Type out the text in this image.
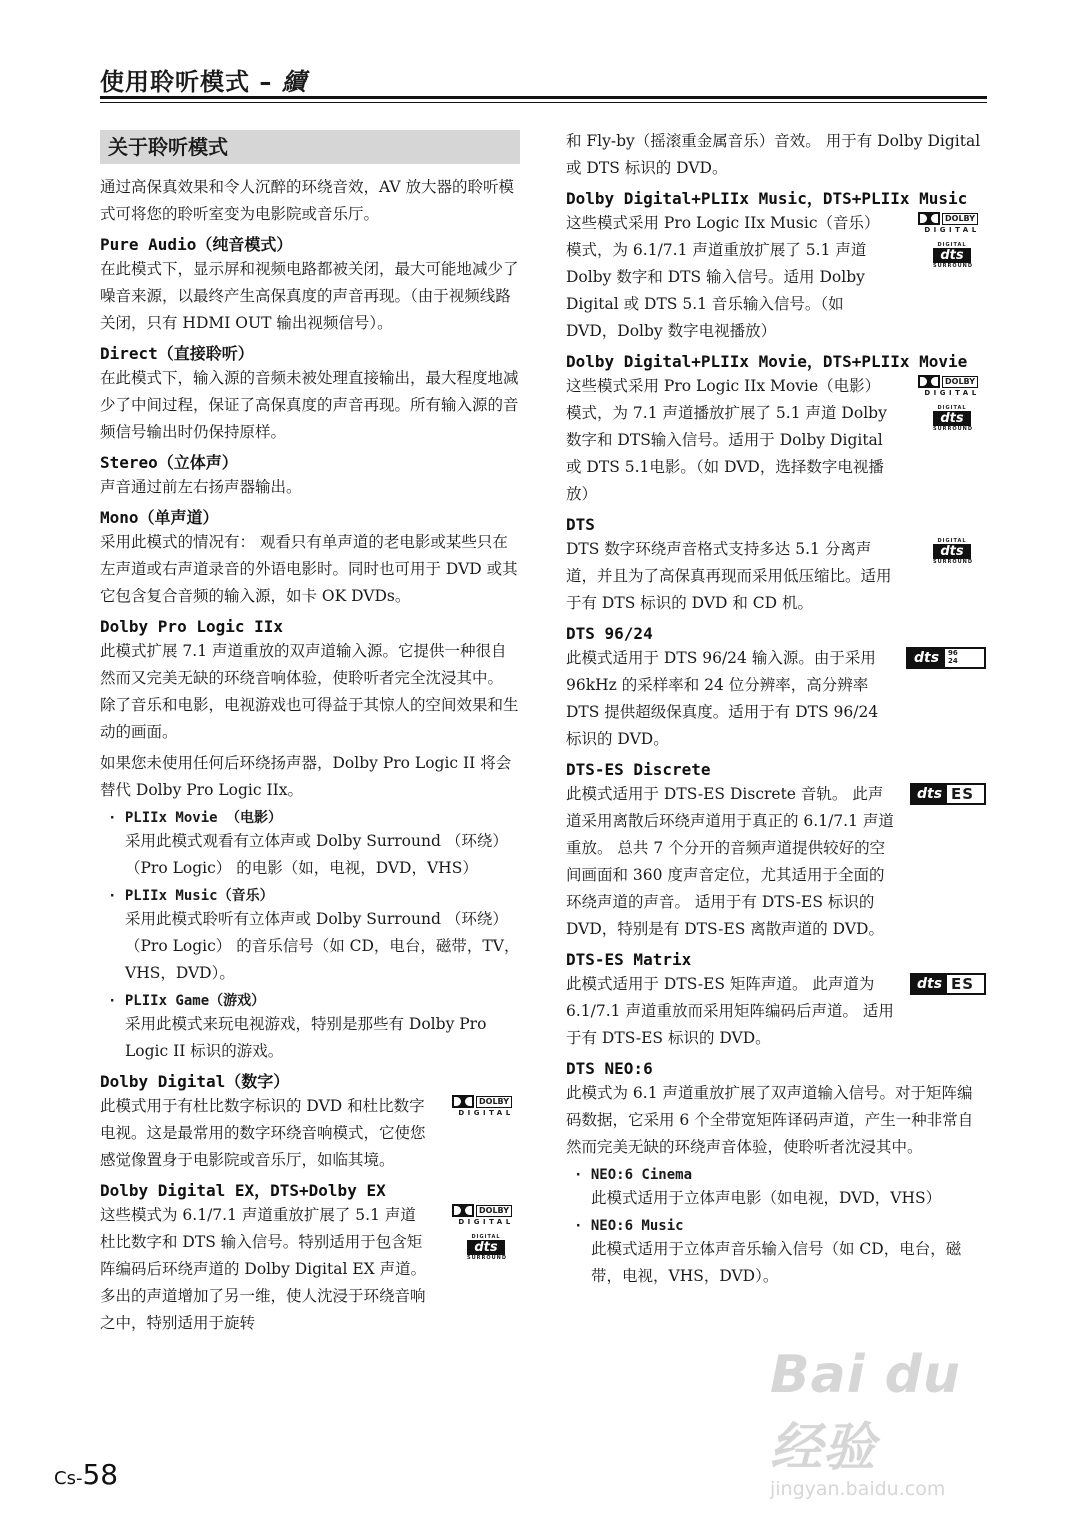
使用聆听模式 – 續
关于聆听模式

通过高保真效果和令人沉醉的环绕音效，AV 放大器的聆听模式可将您的聆听室变为电影院或音乐厅。

Pure Audio（纯音模式）

在此模式下，显示屏和视频电路都被关闭，最大可能地减少了噪音来源，以最终产生高保真度的声音再现。（由于视频线路关闭，只有 HDMI OUT 输出视频信号）。

Direct（直接聆听）

在此模式下，输入源的音频未被处理直接输出，最大程度地减少了中间过程，保证了高保真度的声音再现。所有输入源的音频信号输出时仍保持原样。

Stereo（立体声）

声音通过前左右扬声器输出。

Mono（单声道）

采用此模式的情况有： 观看只有单声道的老电影或某些只在左声道或右声道录音的外语电影时。同时也可用于 DVD 或其它包含复合音频的输入源，如卡 OK DVDs。

Dolby Pro Logic IIx

此模式扩展 7.1 声道重放的双声道输入源。它提供一种很自然而又完美无缺的环绕音响体验，使聆听者完全沈浸其中。 除了音乐和电影，电视游戏也可得益于其惊人的空间效果和生动的画面。

如果您未使用任何后环绕扬声器，Dolby Pro Logic II 将会替代 Dolby Pro Logic IIx。

· PLIIx Movie （电影）

采用此模式观看有立体声或 Dolby Surround （环绕） （Pro Logic） 的电影（如，电视，DVD，VHS）

· PLIIx Music（音乐）

采用此模式聆听有立体声或 Dolby Surround （环绕） （Pro Logic） 的音乐信号（如 CD，电台，磁带，TV，VHS，DVD）。

· PLIIx Game（游戏）

采用此模式来玩电视游戏，特别是那些有 Dolby Pro Logic II 标识的游戏。

Dolby Digital（数字）

此模式用于有杜比数字标识的 DVD 和杜比数字电视。这是最常用的数字环绕音响模式，它使您感觉像置身于电影院或音乐厅，如临其境。

DOLBY
DIGITAL
Dolby Digital EX，DTS+Dolby EX

这些模式为 6.1/7.1 声道重放扩展了 5.1 声道杜比数字和 DTS 输入信号。特别适用于包含矩阵编码后环绕声道的 Dolby Digital EX 声道。 多出的声道增加了另一维，使人沈浸于环绕音响之中，特别适用于旋转

DOLBY
DIGITAL
DIGITAL
dts
SURROUND

和 Fly-by（摇滚重金属音乐）音效。 用于有 Dolby Digital 或 DTS 标识的 DVD。

Dolby Digital+PLIIx Music，DTS+PLIIx Music

这些模式采用 Pro Logic IIx Music（音乐）模式，为 6.1/7.1 声道重放扩展了 5.1 声道 Dolby 数字和 DTS 输入信号。适用 Dolby Digital 或 DTS 5.1 音乐输入信号。（如 DVD，Dolby 数字电视播放）

DOLBY
DIGITAL
DIGITAL
dts
SURROUND
Dolby Digital+PLIIx Movie，DTS+PLIIx Movie

这些模式采用 Pro Logic IIx Movie（电影）模式，为 7.1 声道播放扩展了 5.1 声道 Dolby 数字和 DTS输入信号。适用于 Dolby Digital 或 DTS 5.1电影。（如 DVD，选择数字电视播放）

DOLBY
DIGITAL
DIGITAL
dts
SURROUND
DTS

DTS 数字环绕声音格式支持多达 5.1 分离声道，并且为了高保真再现而采用低压缩比。适用于有 DTS 标识的 DVD 和 CD 机。

DIGITAL
dts
SURROUND
DTS 96/24

此模式适用于 DTS 96/24 输入源。由于采用 96kHz 的采样率和 24 位分辨率，高分辨率 DTS 提供超级保真度。适用于有 DTS 96/24 标识的 DVD。

dts	96
24
DTS-ES Discrete

此模式适用于 DTS-ES Discrete 音轨。 此声道采用离散后环绕声道用于真正的 6.1/7.1 声道重放。 总共 7 个分开的音频声道提供较好的空间画面和 360 度声音定位，尤其适用于全面的环绕声道的声音。 适用于有 DTS-ES 标识的 DVD，特别是有 DTS-ES 离散声道的 DVD。

dts ES
DTS-ES Matrix

此模式适用于 DTS-ES 矩阵声道。 此声道为 6.1/7.1 声道重放而采用矩阵编码后声道。 适用于有 DTS-ES 标识的 DVD。

dts ES
DTS NEO:6

此模式为 6.1 声道重放扩展了双声道输入信号。对于矩阵编码数据，它采用 6 个全带宽矩阵译码声道，产生一种非常自然而完美无缺的环绕声音体验，使聆听者沈浸其中。

· NEO:6 Cinema

此模式适用于立体声电影（如电视，DVD，VHS）

· NEO:6 Music

此模式适用于立体声音乐输入信号（如 CD，电台，磁带，电视，VHS，DVD）。

Cs-58
Bai du 经验
jingyan.baidu.com
